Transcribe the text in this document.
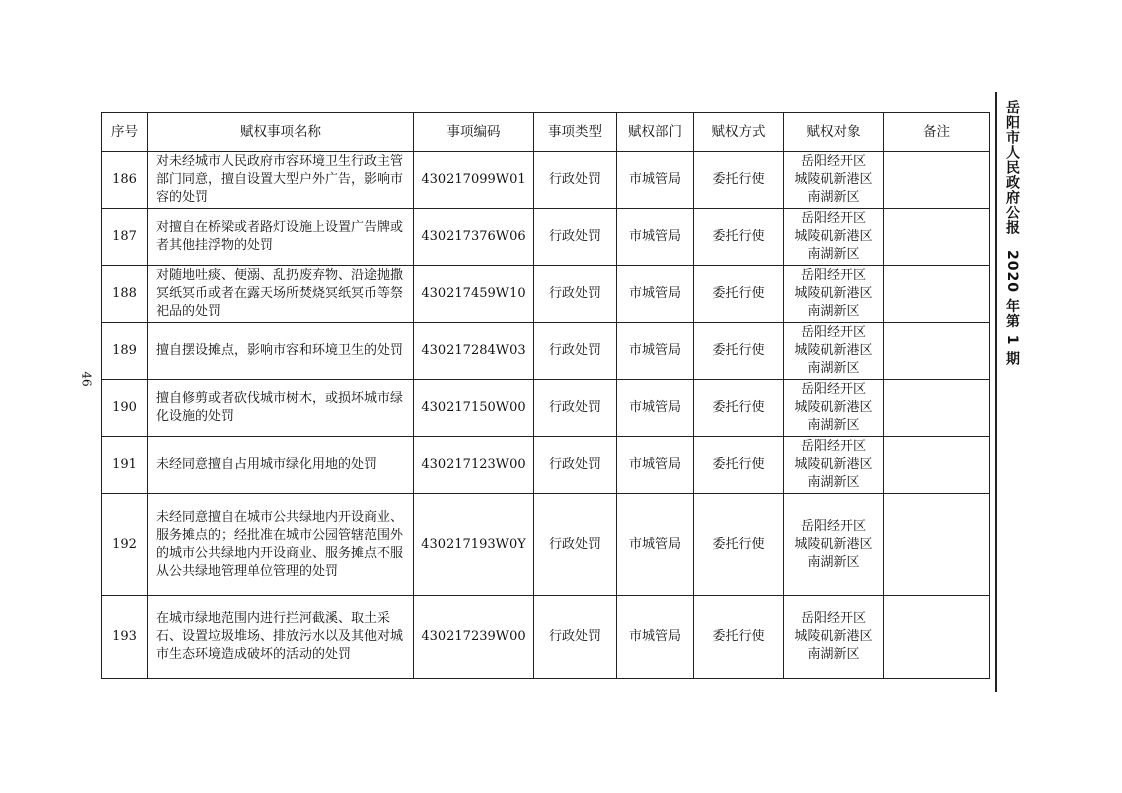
46
岳阳市人民政府公报　2020 年第 1 期
序号	赋权事项名称	事项编码	事项类型	赋权部门	赋权方式	赋权对象	备注
186	对未经城市人民政府市容环境卫生行政主管部门同意，擅自设置大型户外广告，影响市容的处罚	430217099W01	行政处罚	市城管局	委托行使	岳阳经开区
城陵矶新港区
南湖新区	

187	对擅自在桥梁或者路灯设施上设置广告牌或者其他挂浮物的处罚	430217376W06	行政处罚	市城管局	委托行使	岳阳经开区
城陵矶新港区
南湖新区	

188	对随地吐痰、便溺、乱扔废弃物、沿途抛撒冥纸冥币或者在露天场所焚烧冥纸冥币等祭祀品的处罚	430217459W10	行政处罚	市城管局	委托行使	岳阳经开区
城陵矶新港区
南湖新区	

189	擅自摆设摊点，影响市容和环境卫生的处罚	430217284W03	行政处罚	市城管局	委托行使	岳阳经开区
城陵矶新港区
南湖新区	

190	擅自修剪或者砍伐城市树木，或损坏城市绿化设施的处罚	430217150W00	行政处罚	市城管局	委托行使	岳阳经开区
城陵矶新港区
南湖新区	

191	未经同意擅自占用城市绿化用地的处罚	430217123W00	行政处罚	市城管局	委托行使	岳阳经开区
城陵矶新港区
南湖新区	

192	未经同意擅自在城市公共绿地内开设商业、服务摊点的；经批准在城市公园管辖范围外的城市公共绿地内开设商业、服务摊点不服从公共绿地管理单位管理的处罚	430217193W0Y	行政处罚	市城管局	委托行使	岳阳经开区
城陵矶新港区
南湖新区	

193	在城市绿地范围内进行拦河截溪、取土采石、设置垃圾堆场、排放污水以及其他对城市生态环境造成破坏的活动的处罚	430217239W00	行政处罚	市城管局	委托行使	岳阳经开区
城陵矶新港区
南湖新区	
